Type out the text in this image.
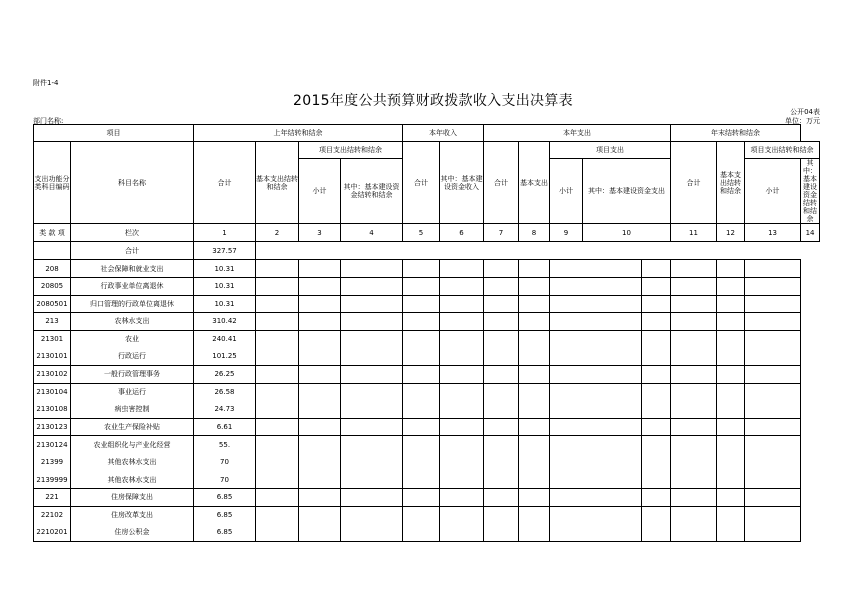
附件1-4
2015年度公共预算财政拨款收入支出决算表
部门名称:
公开04表
单位：万元
项目		上年结转和结余				本年收入		本年支出					年末结转和结余			
支出功能分类科目编码	科目名称	合计	基本支出结转和结余	项目支出结转和结余		合计	其中：基本建设资金收入	合计	基本支出	项目支出			合计	基本支出结转和结余	项目支出结转和结余	
				小计	其中：基本建设资金结转和结余					小计	其中：基本建设资金支出				小计	其中：基本建设资金结转和结余
类 款 项	栏次	1	2	3	4	5	6	7	8	9	10		11	12	13	14
	合计	327.57														
208	社会保障和就业支出	10.31														
20805	行政事业单位离退休	10.31														
2080501	归口管理的行政单位离退休	10.31														
213	农林水支出	310.42														
21301	农业	240.41														
2130101	行政运行	101.25														
2130102	一般行政管理事务	26.25														
2130104	事业运行	26.58														
2130108	病虫害控制	24.73														
2130123	农业生产保险补贴	6.61														
2130124	农业组织化与产业化经营	55.														
21399	其他农林水支出	70														
2139999	其他农林水支出	70														
221	住房保障支出	6.85														
22102	住房改革支出	6.85														
2210201	住房公积金	6.85														
